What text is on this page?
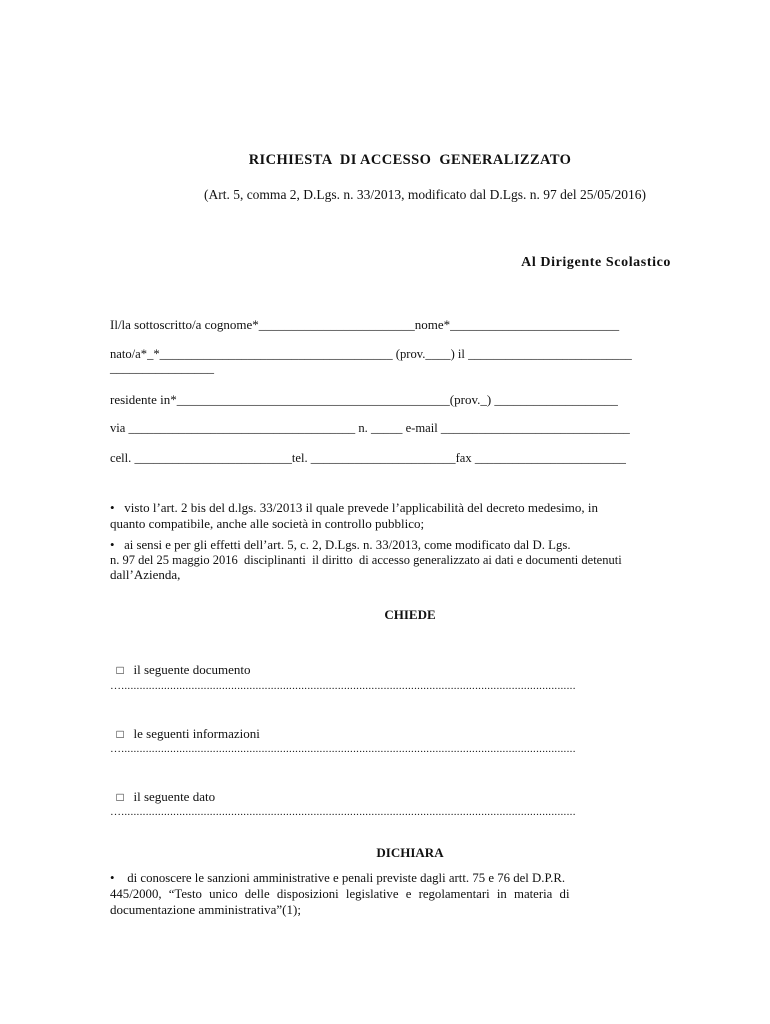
RICHIESTA  DI ACCESSO  GENERALIZZATO
(Art. 5, comma 2, D.Lgs. n. 33/2013, modificato dal D.Lgs. n. 97 del 25/05/2016)
Al Dirigente Scolastico
Il/la sottoscritto/a cognome*________________________nome*__________________________
nato/a*_*_____________________________________ (prov.____) il __________________________
________________
residente in*__________________________________________(prov._) ___________________
via ____________________________________ n. _____ e-mail ______________________________
cell. _________________________tel. _______________________fax ________________________
•   visto l’art. 2 bis del d.lgs. 33/2013 il quale prevede l’applicabilità del decreto medesimo, in
quanto compatibile, anche alle società in controllo pubblico;
•   ai sensi e per gli effetti dell’art. 5, c. 2, D.Lgs. n. 33/2013, come modificato dal D. Lgs.
n. 97 del 25 maggio 2016  disciplinanti  il diritto  di accesso generalizzato ai dati e documenti detenuti
dall’Azienda,
CHIEDE

□ il seguente documento

….....................................................................................................................................................

□ le seguenti informazioni

….....................................................................................................................................................

□ il seguente dato

….....................................................................................................................................................
DICHIARA
•    di conoscere le sanzioni amministrative e penali previste dagli artt. 75 e 76 del D.P.R.
445/2000, “Testo unico delle disposizioni legislative e regolamentari in materia di
documentazione amministrativa”(1);
